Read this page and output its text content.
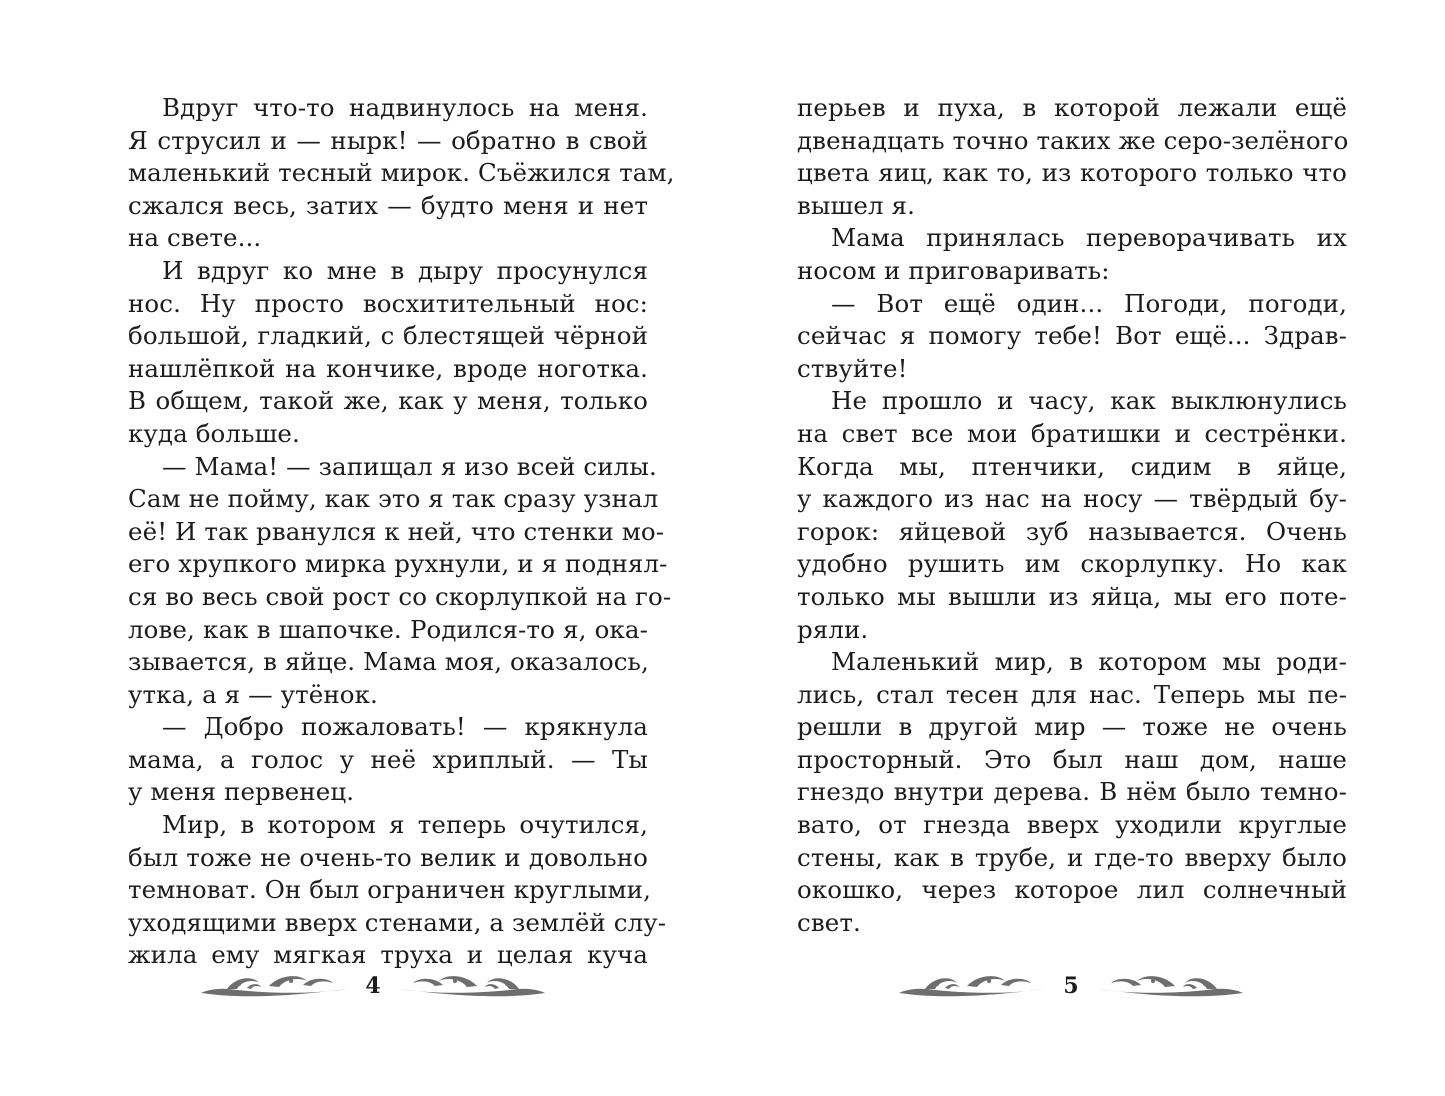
Вдруг что-то надвинулось на меня.
Я струсил и — нырк! — обратно в свой
маленький тесный мирок. Съёжился там,
сжался весь, затих — будто меня и нет
на свете...
И вдруг ко мне в дыру просунулся
нос. Ну просто восхитительный нос:
большой, гладкий, с блестящей чёрной
нашлёпкой на кончике, вроде ноготка.
В общем, такой же, как у меня, только
куда больше.
— Мама! — запищал я изо всей силы.
Сам не пойму, как это я так сразу узнал
её! И так рванулся к ней, что стенки мо-
его хрупкого мирка рухнули, и я поднял-
ся во весь свой рост со скорлупкой на го-
лове, как в шапочке. Родился-то я, ока-
зывается, в яйце. Мама моя, оказалось,
утка, а я — утёнок.
— Добро пожаловать! — крякнула
мама, а голос у неё хриплый. — Ты
у меня первенец.
Мир, в котором я теперь очутился,
был тоже не очень-то велик и довольно
темноват. Он был ограничен круглыми,
уходящими вверх стенами, а землёй слу-
жила ему мягкая труха и целая куча
перьев и пуха, в которой лежали ещё
двенадцать точно таких же серо-зелёного
цвета яиц, как то, из которого только что
вышел я.
Мама принялась переворачивать их
носом и приговаривать:
— Вот ещё один... Погоди, погоди,
сейчас я помогу тебе! Вот ещё... Здрав-
ствуйте!
Не прошло и часу, как выклюнулись
на свет все мои братишки и сестрёнки.
Когда мы, птенчики, сидим в яйце,
у каждого из нас на носу — твёрдый бу-
горок: яйцевой зуб называется. Очень
удобно рушить им скорлупку. Но как
только мы вышли из яйца, мы его поте-
ряли.
Маленький мир, в котором мы роди-
лись, стал тесен для нас. Теперь мы пе-
решли в другой мир — тоже не очень
просторный. Это был наш дом, наше
гнездо внутри дерева. В нём было темно-
вато, от гнезда вверх уходили круглые
стены, как в трубе, и где-то вверху было
окошко, через которое лил солнечный
свет.
4	5
